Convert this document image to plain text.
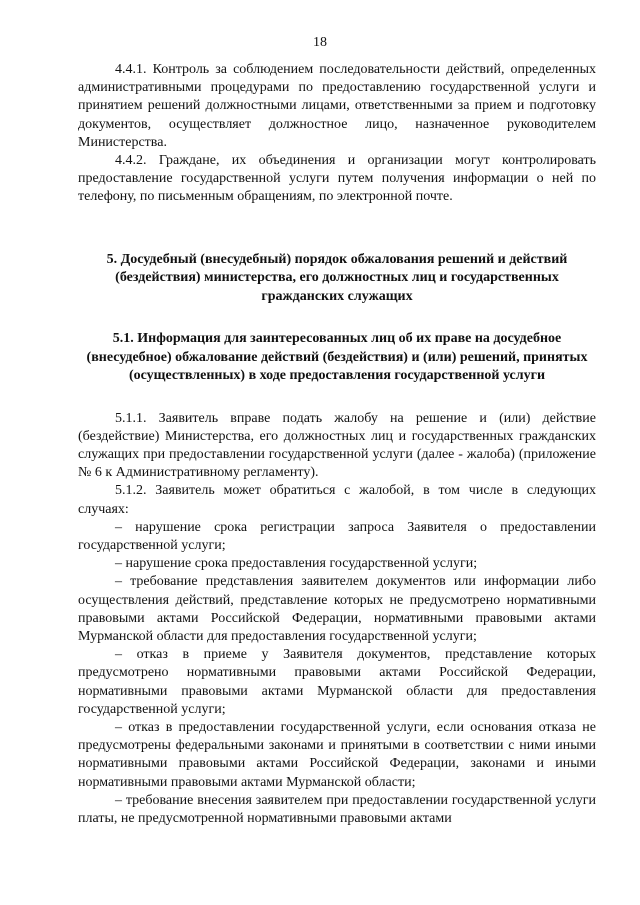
18

4.4.1. Контроль за соблюдением последовательности действий, определенных административными процедурами по предоставлению государственной услуги и принятием решений должностными лицами, ответственными за прием и подготовку документов, осуществляет должностное лицо, назначенное руководителем Министерства.

4.4.2. Граждане, их объединения и организации могут контролировать предоставление государственной услуги путем получения информации о ней по телефону, по письменным обращениям, по электронной почте.

5. Досудебный (внесудебный) порядок обжалования решений и действий (бездействия) министерства, его должностных лиц и государственных гражданских служащих
5.1. Информация для заинтересованных лиц об их праве на досудебное (внесудебное) обжалование действий (бездействия) и (или) решений, принятых (осуществленных) в ходе предоставления государственной услуги

5.1.1. Заявитель вправе подать жалобу на решение и (или) действие (бездействие) Министерства, его должностных лиц и государственных гражданских служащих при предоставлении государственной услуги (далее - жалоба) (приложение № 6 к Административному регламенту).

5.1.2. Заявитель может обратиться с жалобой, в том числе в следующих случаях:

– нарушение срока регистрации запроса Заявителя о предоставлении государственной услуги;

– нарушение срока предоставления государственной услуги;

– требование представления заявителем документов или информации либо осуществления действий, представление которых не предусмотрено нормативными правовыми актами Российской Федерации, нормативными правовыми актами Мурманской области для предоставления государственной услуги;

– отказ в приеме у Заявителя документов, представление которых предусмотрено нормативными правовыми актами Российской Федерации, нормативными правовыми актами Мурманской области для предоставления государственной услуги;

– отказ в предоставлении государственной услуги, если основания отказа не предусмотрены федеральными законами и принятыми в соответствии с ними иными нормативными правовыми актами Российской Федерации, законами и иными нормативными правовыми актами Мурманской области;

– требование внесения заявителем при предоставлении государственной услуги платы, не предусмотренной нормативными правовыми актами
